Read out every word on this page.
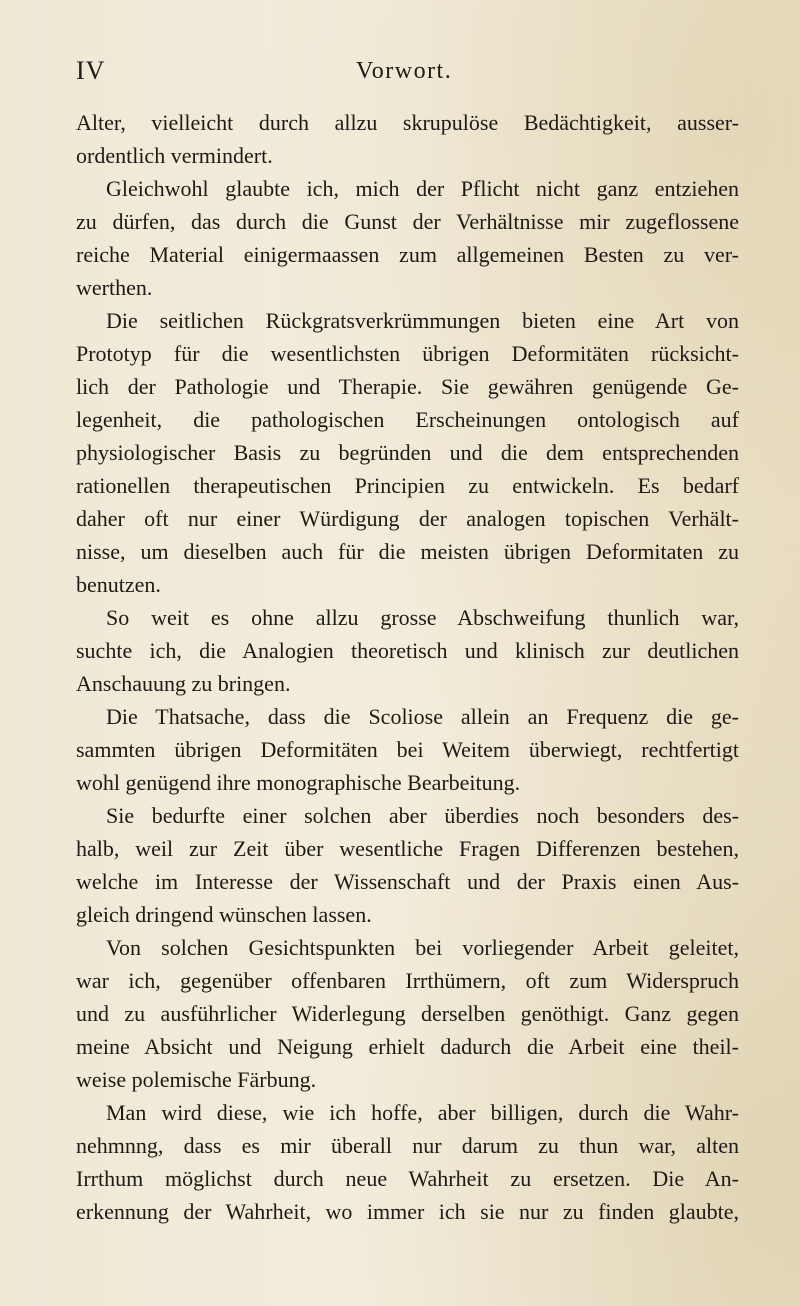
IV	Vorwort.
Alter, vielleicht durch allzu skrupulöse Bedächtigkeit, ausser-
ordentlich vermindert.
Gleichwohl glaubte ich, mich der Pflicht nicht ganz entziehen
zu dürfen, das durch die Gunst der Verhältnisse mir zugeflossene
reiche Material einigermaassen zum allgemeinen Besten zu ver-
werthen.
Die seitlichen Rückgratsverkrümmungen bieten eine Art von
Prototyp für die wesentlichsten übrigen Deformitäten rücksicht-
lich der Pathologie und Therapie. Sie gewähren genügende Ge-
legenheit, die pathologischen Erscheinungen ontologisch auf
physiologischer Basis zu begründen und die dem entsprechenden
rationellen therapeutischen Principien zu entwickeln. Es bedarf
daher oft nur einer Würdigung der analogen topischen Verhält-
nisse, um dieselben auch für die meisten übrigen Deformitaten zu
benutzen.
So weit es ohne allzu grosse Abschweifung thunlich war,
suchte ich, die Analogien theoretisch und klinisch zur deutlichen
Anschauung zu bringen.
Die Thatsache, dass die Scoliose allein an Frequenz die ge-
sammten übrigen Deformitäten bei Weitem überwiegt, rechtfertigt
wohl genügend ihre monographische Bearbeitung.
Sie bedurfte einer solchen aber überdies noch besonders des-
halb, weil zur Zeit über wesentliche Fragen Differenzen bestehen,
welche im Interesse der Wissenschaft und der Praxis einen Aus-
gleich dringend wünschen lassen.
Von solchen Gesichtspunkten bei vorliegender Arbeit geleitet,
war ich, gegenüber offenbaren Irrthümern, oft zum Widerspruch
und zu ausführlicher Widerlegung derselben genöthigt. Ganz gegen
meine Absicht und Neigung erhielt dadurch die Arbeit eine theil-
weise polemische Färbung.
Man wird diese, wie ich hoffe, aber billigen, durch die Wahr-
nehmnng, dass es mir überall nur darum zu thun war, alten
Irrthum möglichst durch neue Wahrheit zu ersetzen. Die An-
erkennung der Wahrheit, wo immer ich sie nur zu finden glaubte,
